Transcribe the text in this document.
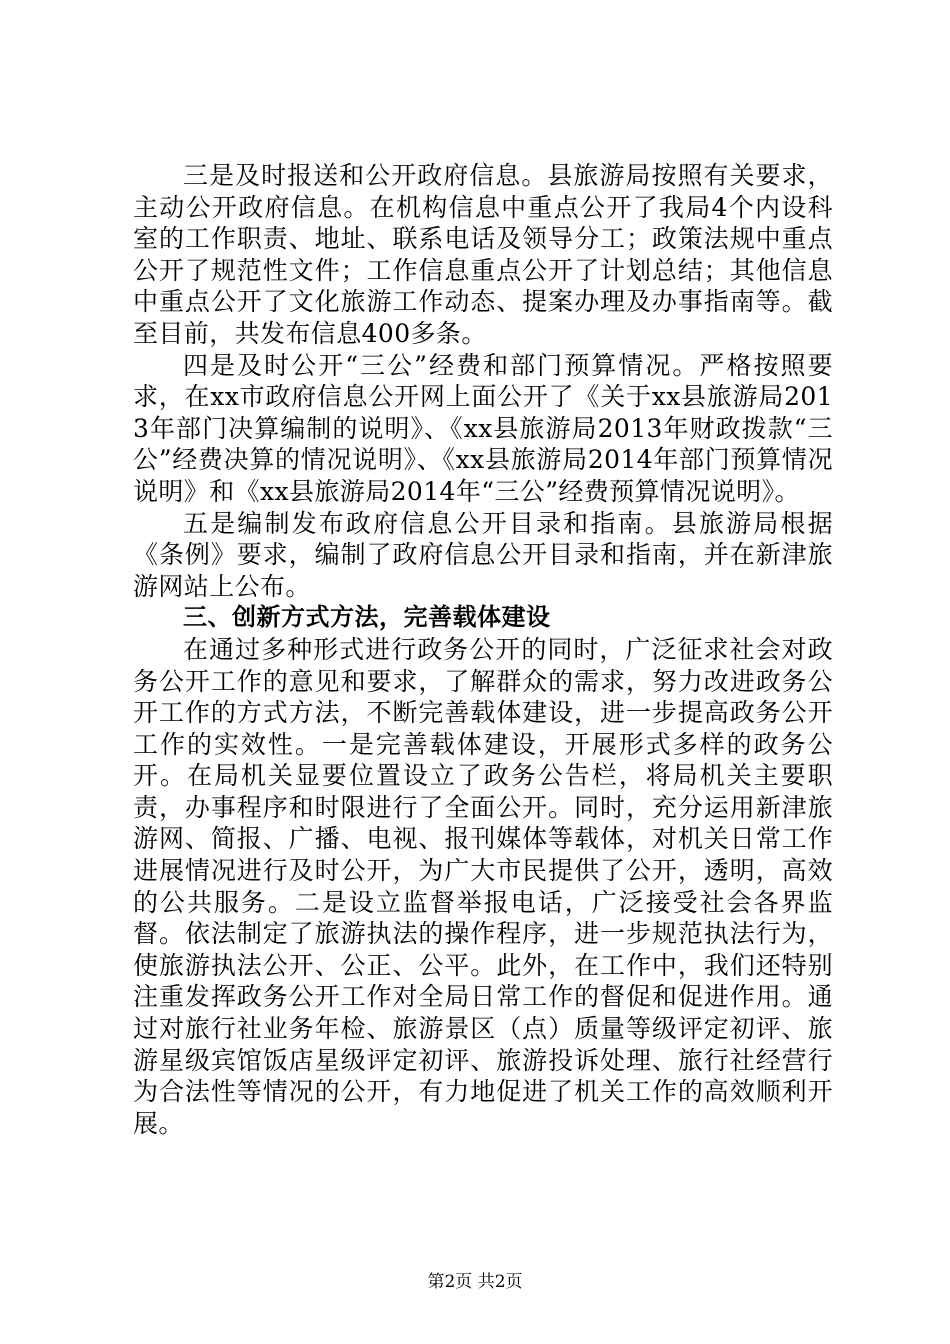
三是及时报送和公开政府信息。县旅游局按照有关要求，主动公开政府信息。在机构信息中重点公开了我局4个内设科室的工作职责、地址、联系电话及领导分工；政策法规中重点公开了规范性文件；工作信息重点公开了计划总结；其他信息中重点公开了文化旅游工作动态、提案办理及办事指南等。截至目前，共发布信息400多条。

四是及时公开“三公”经费和部门预算情况。严格按照要求，在xx市政府信息公开网上面公开了《关于xx县旅游局2013年部门决算编制的说明》、《xx县旅游局2013年财政拨款“三公”经费决算的情况说明》、《xx县旅游局2014年部门预算情况说明》和《xx县旅游局2014年“三公”经费预算情况说明》。

五是编制发布政府信息公开目录和指南。县旅游局根据《条例》要求，编制了政府信息公开目录和指南，并在新津旅游网站上公布。

三、创新方式方法，完善载体建设

在通过多种形式进行政务公开的同时，广泛征求社会对政务公开工作的意见和要求，了解群众的需求，努力改进政务公开工作的方式方法，不断完善载体建设，进一步提高政务公开工作的实效性。一是完善载体建设，开展形式多样的政务公开。在局机关显要位置设立了政务公告栏，将局机关主要职责，办事程序和时限进行了全面公开。同时，充分运用新津旅游网、简报、广播、电视、报刊媒体等载体，对机关日常工作进展情况进行及时公开，为广大市民提供了公开，透明，高效的公共服务。二是设立监督举报电话，广泛接受社会各界监督。依法制定了旅游执法的操作程序，进一步规范执法行为，使旅游执法公开、公正、公平。此外，在工作中，我们还特别注重发挥政务公开工作对全局日常工作的督促和促进作用。通过对旅行社业务年检、旅游景区（点）质量等级评定初评、旅游星级宾馆饭店星级评定初评、旅游投诉处理、旅行社经营行为合法性等情况的公开，有力地促进了机关工作的高效顺利开展。

第2页 共2页
